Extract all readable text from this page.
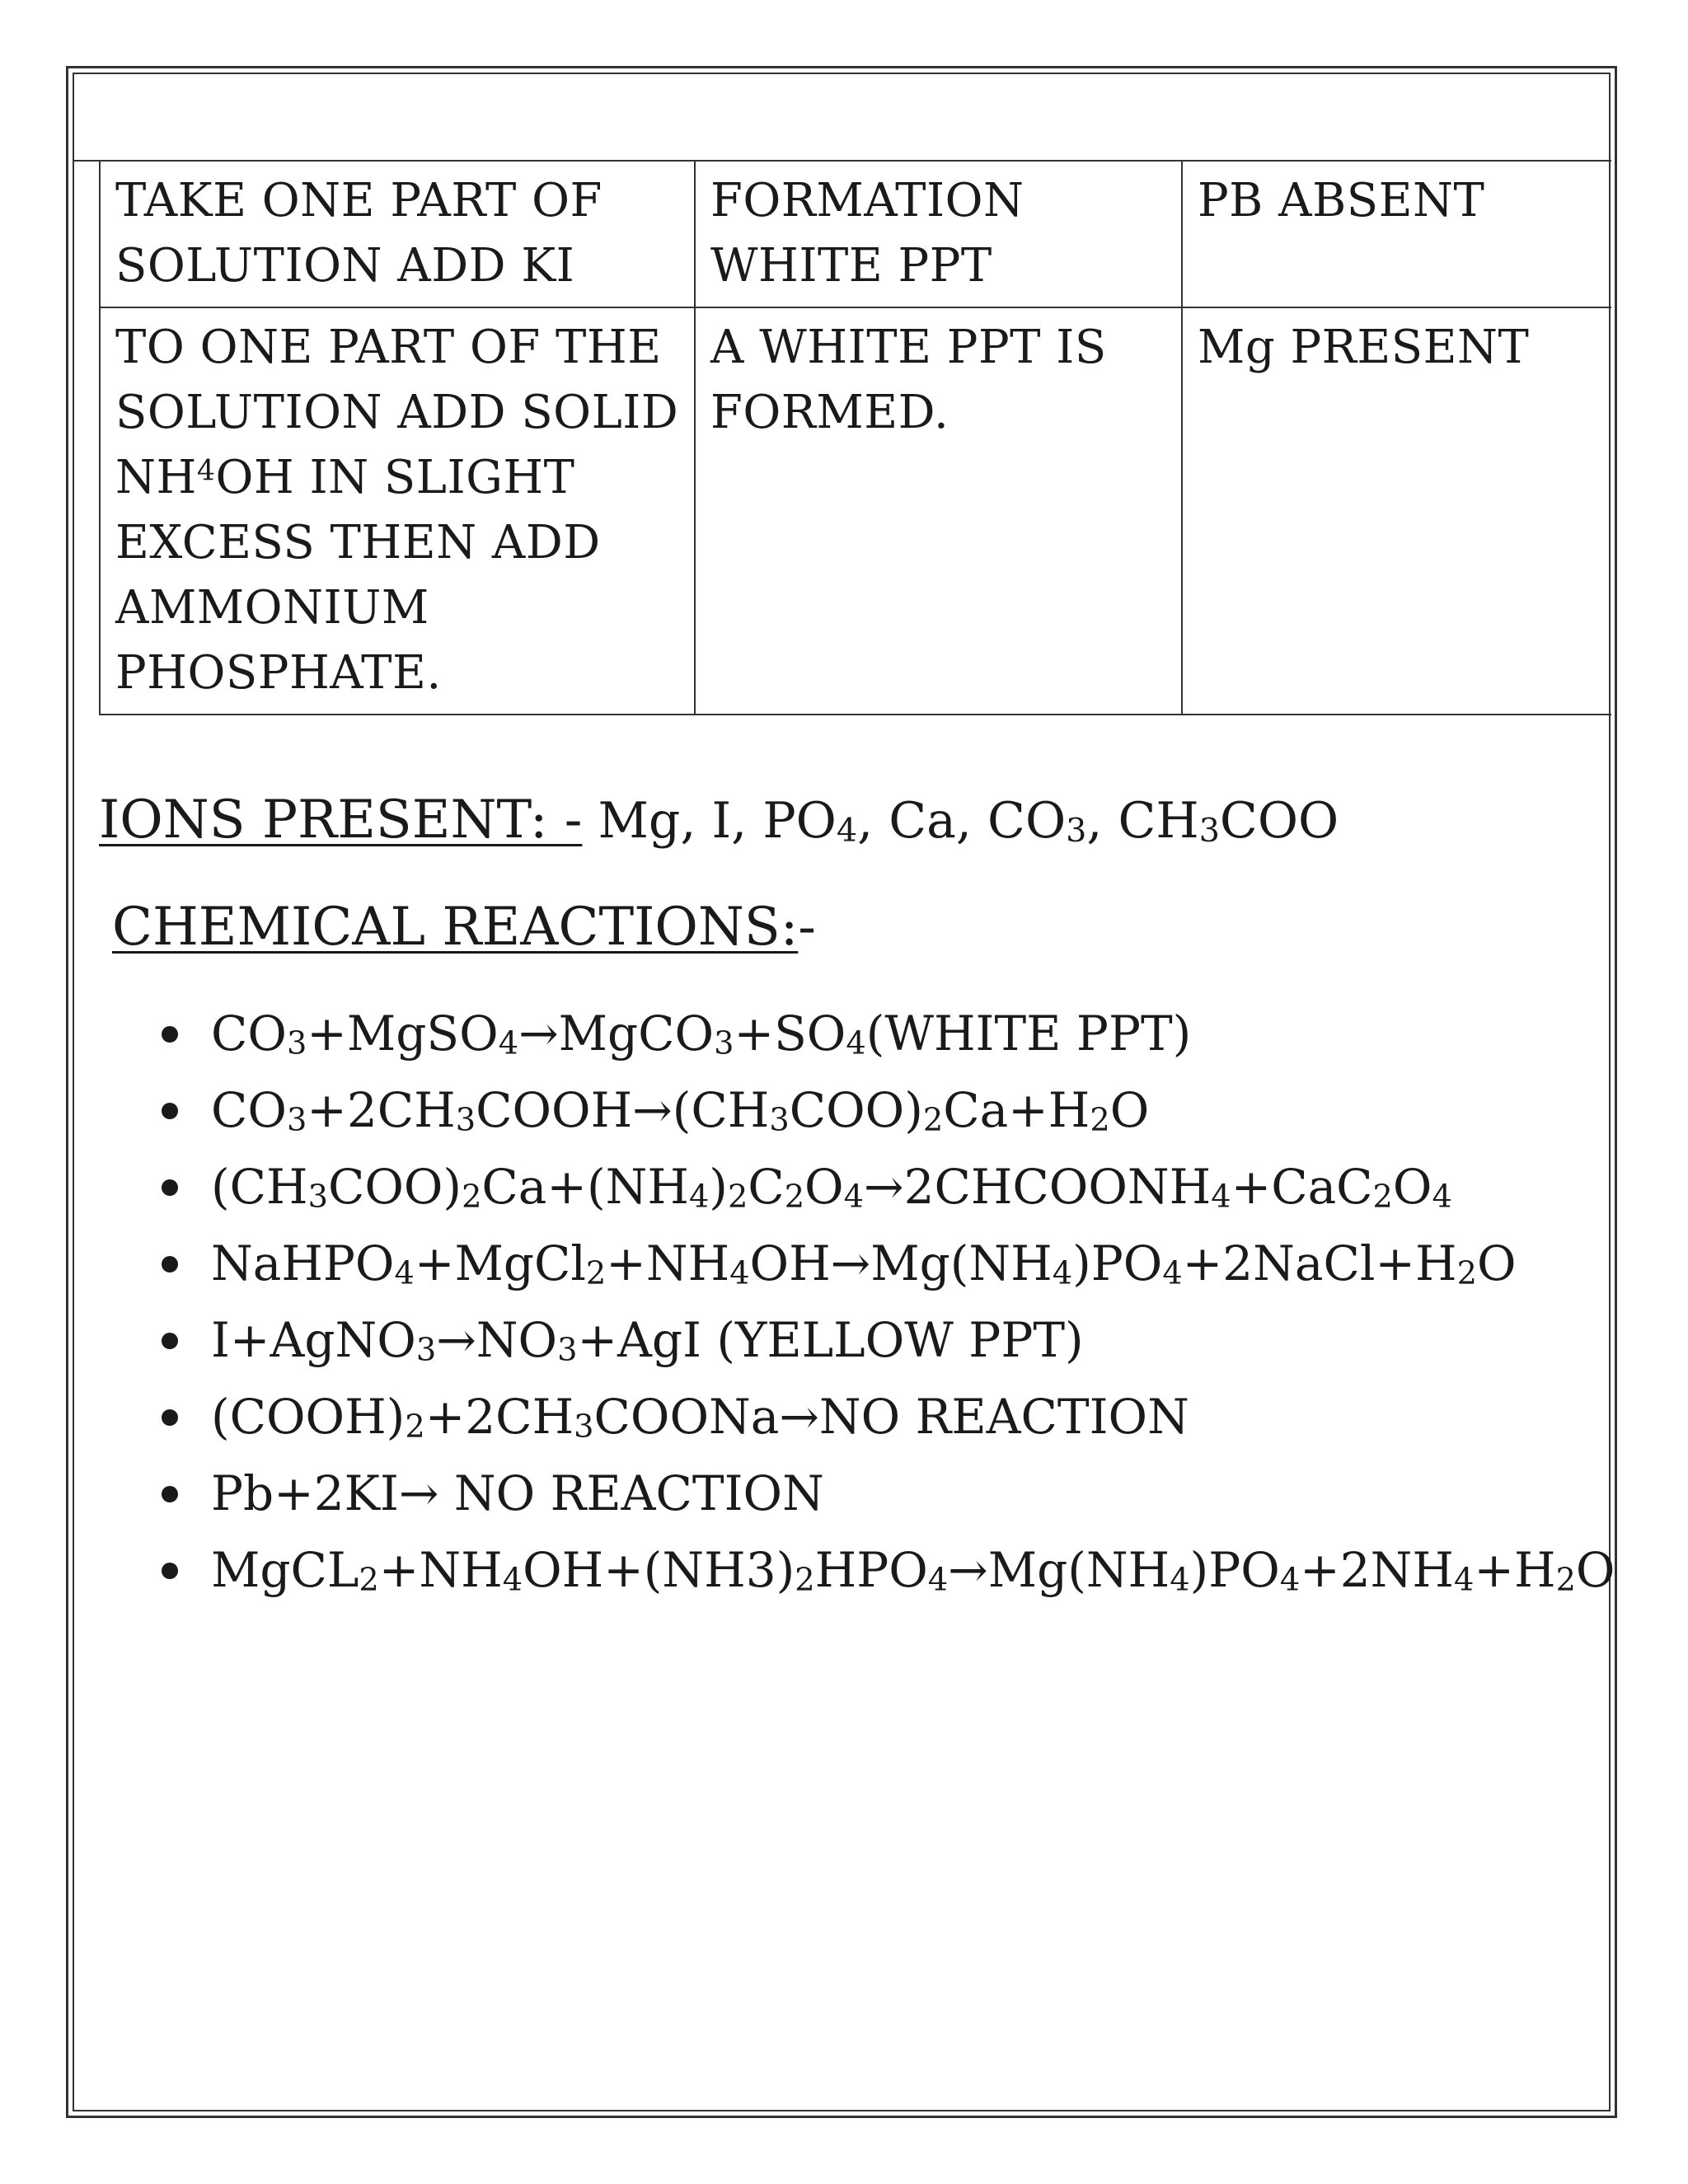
TAKE ONE PART OF SOLUTION ADD KI	FORMATION WHITE PPT	PB ABSENT
TO ONE PART OF THE SOLUTION ADD SOLID $NH^4OH$ IN SLIGHT EXCESS THEN ADD AMMONIUM PHOSPHATE.	A WHITE PPT IS FORMED.	Mg PRESENT
IONS PRESENT: - Mg, I, $PO_4$, Ca, $CO_3$, $CH_3COO$
CHEMICAL REACTIONS:-
$CO_3+MgSO_4\to MgCO_3+SO_4(WHITE$ PPT)
$CO_3+2CH_3COOH\to(CH_3COO)_2Ca+H_2O$
$(CH_3COO)_2Ca+(NH_4)_2C_2O_4\to 2CHCOONH_4+CaC_2O_4$
$NaHPO_4+MgCl_2+NH_4OH\to Mg(NH_4)PO_4+2NaCl+H_2O$
$I+AgNO_3\to NO_3+AgI$ (YELLOW PPT)
$(COOH)_2+2CH_3COONa\to NO$ REACTION
Pb+2KI→ NO REACTION
$MgCL_2+NH_4OH+(NH3)_2HPO_4\to Mg(NH_4)PO_4+2NH_4+H_2O$
